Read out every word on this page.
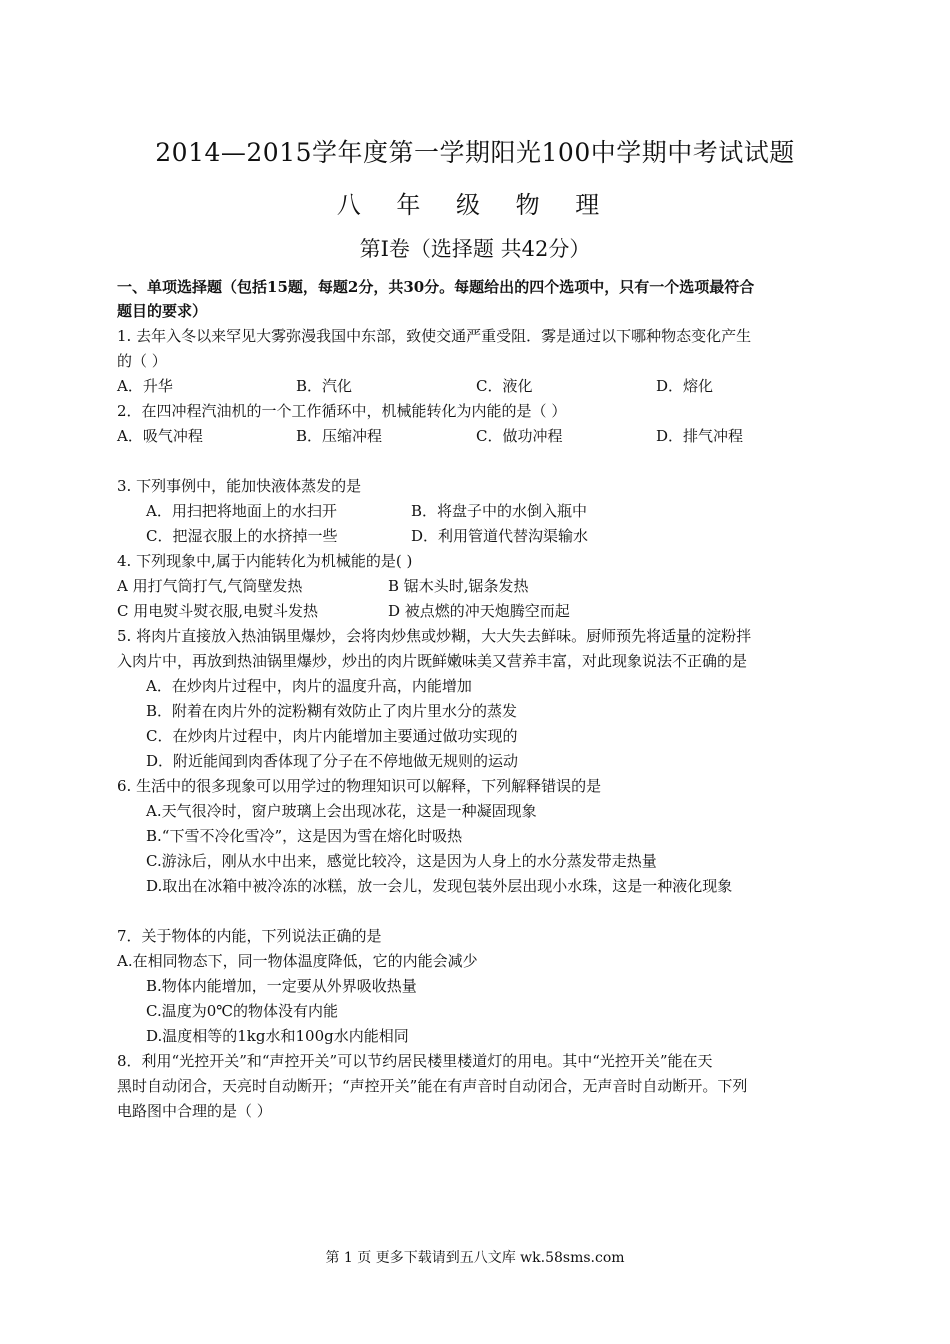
2014—2015学年度第一学期阳光100中学期中考试试题
八 年 级 物 理
第Ⅰ卷（选择题 共42分）
一、单项选择题（包括15题，每题2分，共30分。每题给出的四个选项中，只有一个选项最符合
题目的要求）
1. 去年入冬以来罕见大雾弥漫我国中东部，致使交通严重受阻．雾是通过以下哪种物态变化产生
的（ ）
A．升华	B．汽化	C．液化	D．熔化
2．在四冲程汽油机的一个工作循环中，机械能转化为内能的是（ ）
A．吸气冲程	B．压缩冲程	C．做功冲程	D．排气冲程
3. 下列事例中，能加快液体蒸发的是
A．用扫把将地面上的水扫开	B．将盘子中的水倒入瓶中
C．把湿衣服上的水挤掉一些	D．利用管道代替沟渠输水
4. 下列现象中,属于内能转化为机械能的是( )
A 用打气筒打气,气筒壁发热	B 锯木头时,锯条发热
C 用电熨斗熨衣服,电熨斗发热	D 被点燃的冲天炮腾空而起
5. 将肉片直接放入热油锅里爆炒，会将肉炒焦或炒糊，大大失去鲜味。厨师预先将适量的淀粉拌
入肉片中，再放到热油锅里爆炒，炒出的肉片既鲜嫩味美又营养丰富，对此现象说法不正确的是
A．在炒肉片过程中，肉片的温度升高，内能增加
B．附着在肉片外的淀粉糊有效防止了肉片里水分的蒸发
C．在炒肉片过程中，肉片内能增加主要通过做功实现的
D．附近能闻到肉香体现了分子在不停地做无规则的运动
6. 生活中的很多现象可以用学过的物理知识可以解释，下列解释错误的是
A.天气很冷时，窗户玻璃上会出现冰花，这是一种凝固现象
B.“下雪不冷化雪冷”，这是因为雪在熔化时吸热
C.游泳后，刚从水中出来，感觉比较冷，这是因为人身上的水分蒸发带走热量
D.取出在冰箱中被冷冻的冰糕，放一会儿，发现包装外层出现小水珠，这是一种液化现象
7．关于物体的内能，下列说法正确的是
A.在相同物态下，同一物体温度降低，它的内能会减少
B.物体内能增加，一定要从外界吸收热量
C.温度为0℃的物体没有内能
D.温度相等的1kg水和100g水内能相同
8．利用“光控开关”和“声控开关”可以节约居民楼里楼道灯的用电。其中“光控开关”能在天
黑时自动闭合，天亮时自动断开；“声控开关”能在有声音时自动闭合，无声音时自动断开。下列
电路图中合理的是（ ）
第 1 页 更多下载请到五八文库 wk.58sms.com
